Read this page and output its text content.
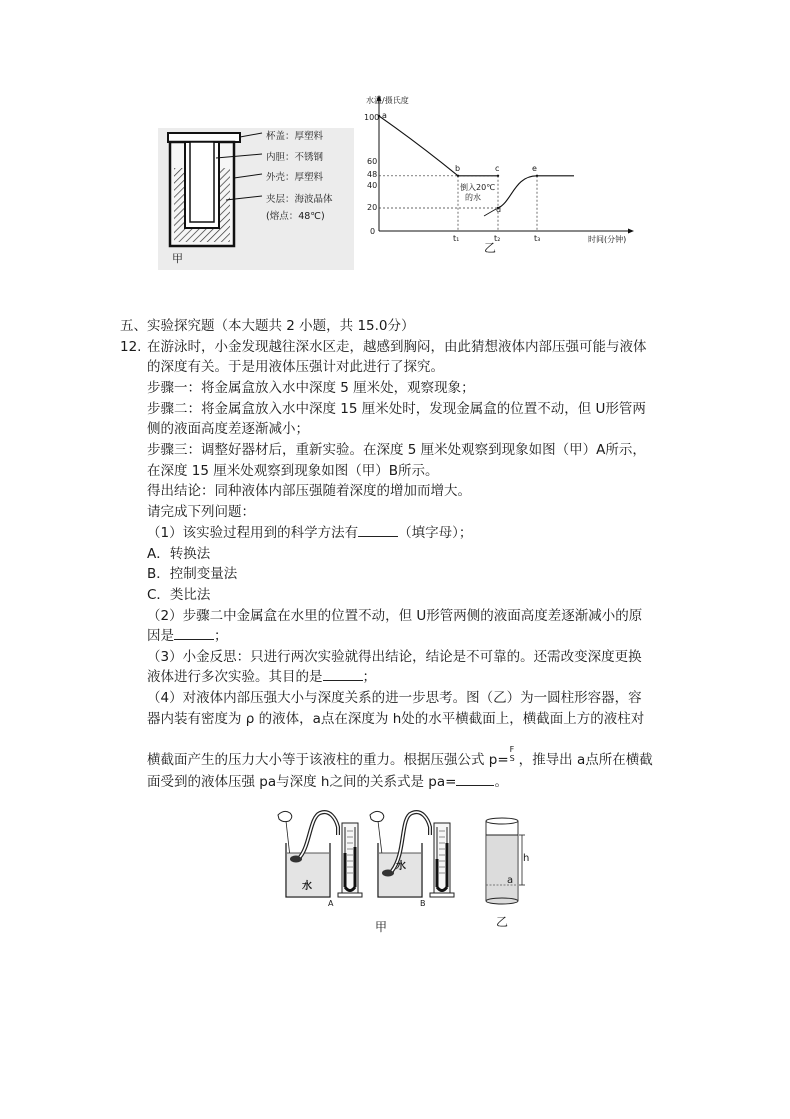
杯盖：厚塑料
内胆：不锈钢
外壳：厚塑料
夹层：海波晶体
(熔点：48℃)
甲
水温/摄氏度
时间(分钟)
100
60
48
40
20
0
t₁	t₂	t₃
a
b	c
d
e
倒入20℃
的水
乙
五、实验探究题（本大题共 2 小题，共 15.0分）
12. 在游泳时，小金发现越往深水区走，越感到胸闷，由此猜想液体内部压强可能与液体
的深度有关。于是用液体压强计对此进行了探究。
步骤一：将金属盒放入水中深度 5 厘米处，观察现象；
步骤二：将金属盒放入水中深度 15 厘米处时，发现金属盒的位置不动，但 U形管两
侧的液面高度差逐渐减小；
步骤三：调整好器材后，重新实验。在深度 5 厘米处观察到现象如图（甲）A所示，
在深度 15 厘米处观察到现象如图（甲）B所示。
得出结论：同种液体内部压强随着深度的增加而增大。
请完成下列问题：
（1）该实验过程用到的科学方法有	（填字母）；
A．转换法
B．控制变量法
C．类比法
（2）步骤二中金属盒在水里的位置不动，但 U形管两侧的液面高度差逐渐减小的原
因是	；
（3）小金反思：只进行两次实验就得出结论，结论是不可靠的。还需改变深度更换
液体进行多次实验。其目的是	；
（4）对液体内部压强大小与深度关系的进一步思考。图（乙）为一圆柱形容器，容
器内装有密度为 ρ 的液体，a点在深度为 h处的水平横截面上，横截面上方的液柱对
横截面产生的压力大小等于该液柱的重力。根据压强公式 p=
F
S ，推导出 a点所在横截
面受到的液体压强 pa与深度 h之间的关系式是 pa=	。
水
水
A	B
h
a
甲	乙
